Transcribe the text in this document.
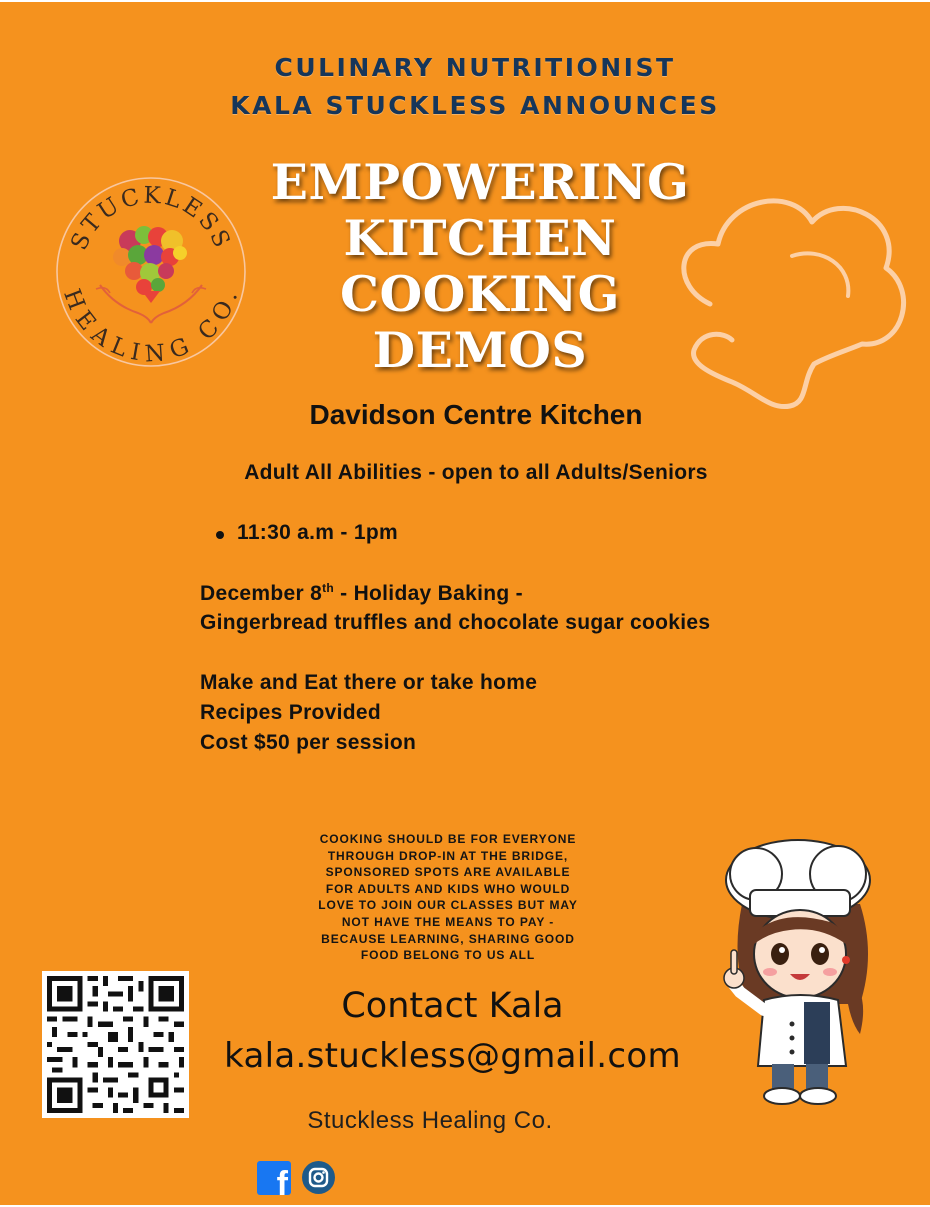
CULINARY NUTRITIONIST
KALA STUCKLESS ANNOUNCES
STUCKLESS
HEALING CO.
EMPOWERING
KITCHEN
COOKING
DEMOS
Davidson Centre Kitchen
Adult All Abilities - open to all Adults/Seniors
11:30 a.m - 1pm
December 8th - Holiday Baking -
Gingerbread truffles and chocolate sugar cookies
Make and Eat there or take home
Recipes Provided
Cost $50 per session
COOKING SHOULD BE FOR EVERYONE
THROUGH DROP-IN AT THE BRIDGE,
SPONSORED SPOTS ARE AVAILABLE
FOR ADULTS AND KIDS WHO WOULD
LOVE TO JOIN OUR CLASSES BUT MAY
NOT HAVE THE MEANS TO PAY -
BECAUSE LEARNING, SHARING GOOD
FOOD BELONG TO US ALL
Contact Kala
kala.stuckless@gmail.com
Stuckless Healing Co.
f
